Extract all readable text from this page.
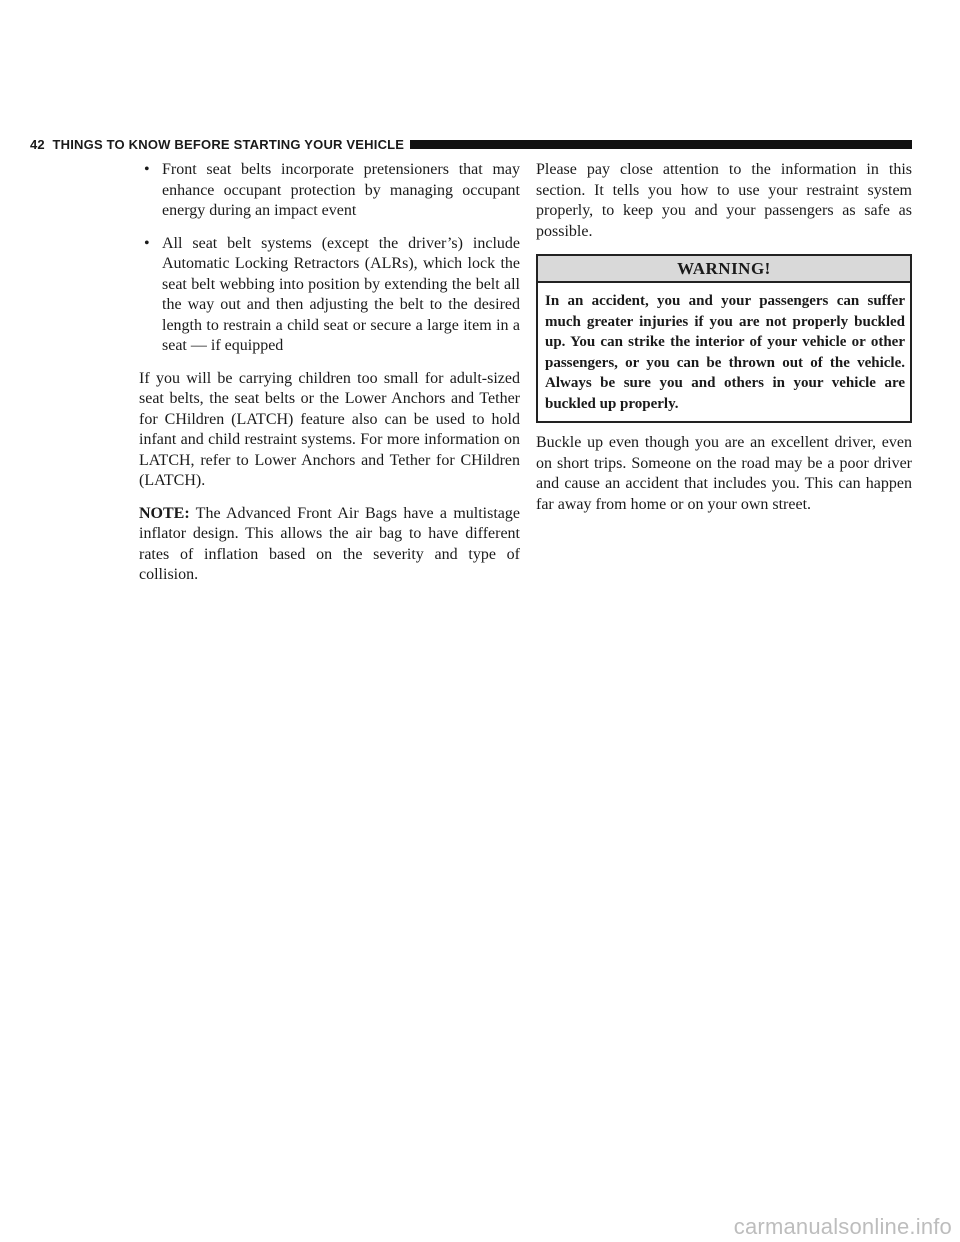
42 THINGS TO KNOW BEFORE STARTING YOUR VEHICLE
• Front seat belts incorporate pretensioners that may enhance occupant protection by managing occupant energy during an impact event
• All seat belt systems (except the driver’s) include Automatic Locking Retractors (ALRs), which lock the seat belt webbing into position by extending the belt all the way out and then adjusting the belt to the desired length to restrain a child seat or secure a large item in a seat — if equipped

If you will be carrying children too small for adult-sized seat belts, the seat belts or the Lower Anchors and Tether for CHildren (LATCH) feature also can be used to hold infant and child restraint systems. For more information on LATCH, refer to Lower Anchors and Tether for CHildren (LATCH).

NOTE: The Advanced Front Air Bags have a multistage inflator design. This allows the air bag to have different rates of inflation based on the severity and type of collision.

Please pay close attention to the information in this section. It tells you how to use your restraint system properly, to keep you and your passengers as safe as possible.

WARNING!
In an accident, you and your passengers can suffer much greater injuries if you are not properly buckled up. You can strike the interior of your vehicle or other passengers, or you can be thrown out of the vehicle. Always be sure you and others in your vehicle are buckled up properly.

Buckle up even though you are an excellent driver, even on short trips. Someone on the road may be a poor driver and cause an accident that includes you. This can happen far away from home or on your own street.

carmanualsonline.info
